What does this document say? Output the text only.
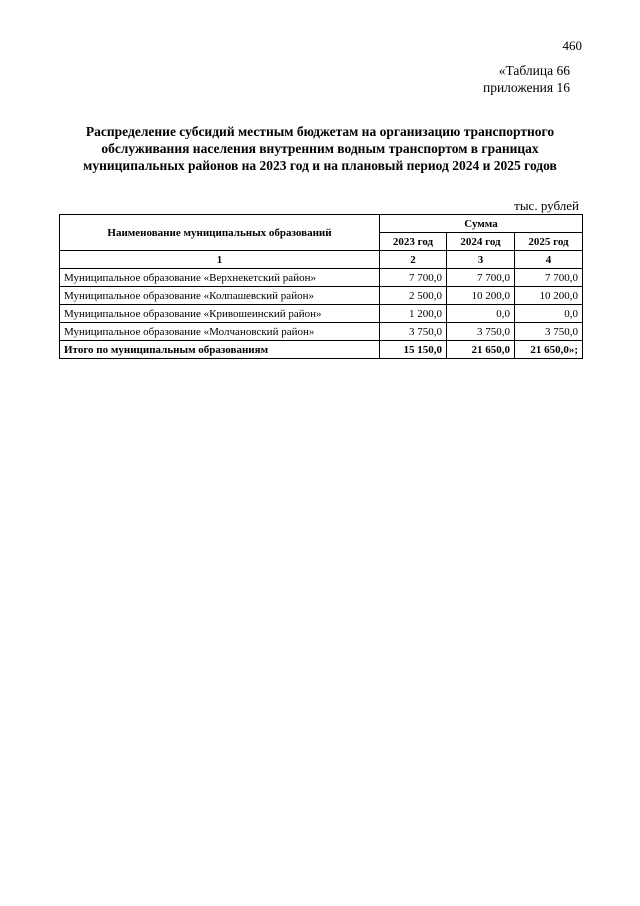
460
«Таблица 66
приложения 16
Распределение субсидий местным бюджетам на организацию транспортного
обслуживания населения внутренним водным транспортом в границах
муниципальных районов на 2023 год и на плановый период 2024 и 2025 годов
тыс. рублей
Наименование муниципальных образований	Сумма		
	2023 год	2024 год	2025 год
1	2	3	4
Муниципальное образование «Верхнекетский район»	7 700,0	7 700,0	7 700,0
Муниципальное образование «Колпашевский район»	2 500,0	10 200,0	10 200,0
Муниципальное образование «Кривошеинский район»	1 200,0	0,0	0,0
Муниципальное образование «Молчановский район»	3 750,0	3 750,0	3 750,0
Итого по муниципальным образованиям	15 150,0	21 650,0	21 650,0»;
